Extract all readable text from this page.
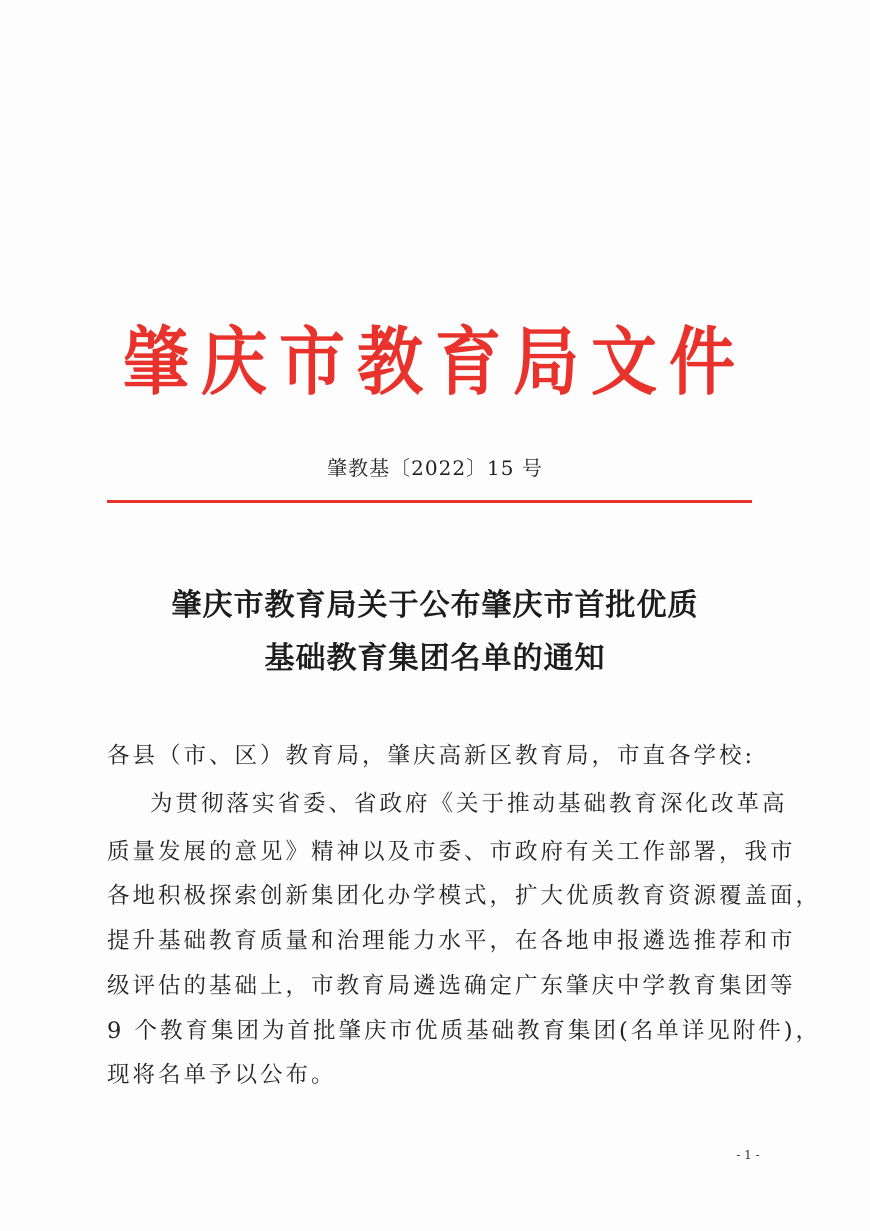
肇庆市教育局文件
肇教基〔2022〕15 号
肇庆市教育局关于公布肇庆市首批优质
基础教育集团名单的通知
各县（市、区）教育局，肇庆高新区教育局，市直各学校:
为贯彻落实省委、省政府《关于推动基础教育深化改革高
质量发展的意见》精神以及市委、市政府有关工作部署，我市
各地积极探索创新集团化办学模式，扩大优质教育资源覆盖面，
提升基础教育质量和治理能力水平，在各地申报遴选推荐和市
级评估的基础上，市教育局遴选确定广东肇庆中学教育集团等
9 个教育集团为首批肇庆市优质基础教育集团(名单详见附件)，
现将名单予以公布。
- 1 -
